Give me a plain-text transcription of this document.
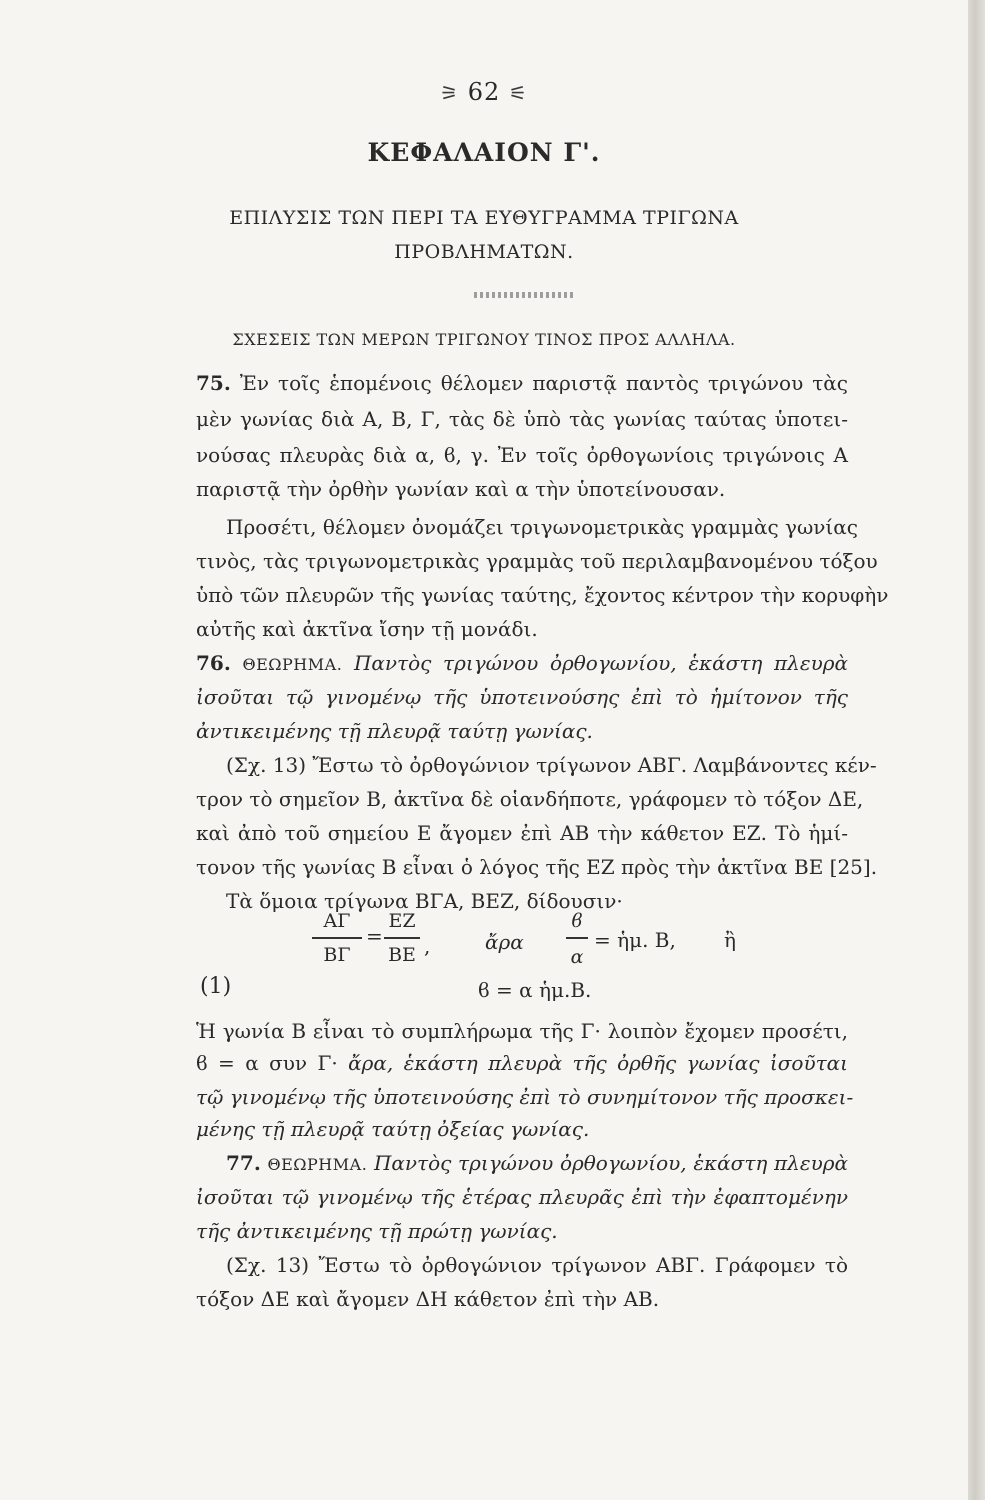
⚞ 62 ⚟
ΚΕΦΑΛΑΙΟΝ Γ'.
ΕΠΙΛΥΣΙΣ ΤΩΝ ΠΕΡΙ ΤΑ ΕΥΘΥΓΡΑΜΜΑ ΤΡΙΓΩΝΑ
ΠΡΟΒΛΗΜΑΤΩΝ.
ΣΧΕΣΕΙΣ ΤΩΝ ΜΕΡΩΝ ΤΡΙΓΩΝΟΥ ΤΙΝΟΣ ΠΡΟΣ ΑΛΛΗΛΑ.
75. Ἐν τοῖς ἑπομένοις θέλομεν παριστᾷ παντὸς τριγώνου τὰς
μὲν γωνίας διὰ Α, Β, Γ, τὰς δὲ ὑπὸ τὰς γωνίας ταύτας ὑποτει-
νούσας πλευρὰς διὰ α, ϐ, γ. Ἐν τοῖς ὀρθογωνίοις τριγώνοις Α
παριστᾷ τὴν ὀρθὴν γωνίαν καὶ α τὴν ὑποτείνουσαν.
Προσέτι, θέλομεν ὀνομάζει τριγωνομετρικὰς γραμμὰς γωνίας
τινὸς, τὰς τριγωνομετρικὰς γραμμὰς τοῦ περιλαμβανομένου τόξου
ὑπὸ τῶν πλευρῶν τῆς γωνίας ταύτης, ἔχοντος κέντρον τὴν κορυφὴν
αὐτῆς καὶ ἀκτῖνα ἴσην τῇ μονάδι.
76. ΘΕΩΡΗΜΑ. Παντὸς τριγώνου ὀρθογωνίου, ἑκάστη πλευρὰ
ἰσοῦται τῷ γινομένῳ τῆς ὑποτεινούσης ἐπὶ τὸ ἡμίτονον τῆς
ἀντικειμένης τῇ πλευρᾷ ταύτῃ γωνίας.
(Σχ. 13) Ἔστω τὸ ὀρθογώνιον τρίγωνον ΑΒΓ. Λαμβάνοντες κέν-
τρον τὸ σημεῖον Β, ἀκτῖνα δὲ οἱανδήποτε, γράφομεν τὸ τόξον ΔΕ,
καὶ ἀπὸ τοῦ σημείου Ε ἄγομεν ἐπὶ ΑΒ τὴν κάθετον ΕΖ. Τὸ ἡμί-
τονον τῆς γωνίας Β εἶναι ὁ λόγος τῆς ΕΖ πρὸς τὴν ἀκτῖνα ΒΕ [25].
Τὰ ὅμοια τρίγωνα ΒΓΑ, ΒΕΖ, δίδουσιν·
ΑΓ
ΒΓ
=
ΕΖ
ΒΕ ,	ἄρα
ϐ
α
= ἡμ. Β, ἢ
(1)	ϐ = α ἡμ.Β.
Ἡ γωνία Β εἶναι τὸ συμπλήρωμα τῆς Γ· λοιπὸν ἔχομεν προσέτι,
ϐ = α συν Γ· ἄρα, ἑκάστη πλευρὰ τῆς ὀρθῆς γωνίας ἰσοῦται
τῷ γινομένῳ τῆς ὑποτεινούσης ἐπὶ τὸ συνημίτονον τῆς προσκει-
μένης τῇ πλευρᾷ ταύτῃ ὀξείας γωνίας.
77. ΘΕΩΡΗΜΑ. Παντὸς τριγώνου ὀρθογωνίου, ἑκάστη πλευρὰ
ἰσοῦται τῷ γινομένῳ τῆς ἑτέρας πλευρᾶς ἐπὶ τὴν ἐφαπτομένην
τῆς ἀντικειμένης τῇ πρώτῃ γωνίας.
(Σχ. 13) Ἔστω τὸ ὀρθογώνιον τρίγωνον ΑΒΓ. Γράφομεν τὸ
τόξον ΔΕ καὶ ἄγομεν ΔΗ κάθετον ἐπὶ τὴν ΑΒ.
